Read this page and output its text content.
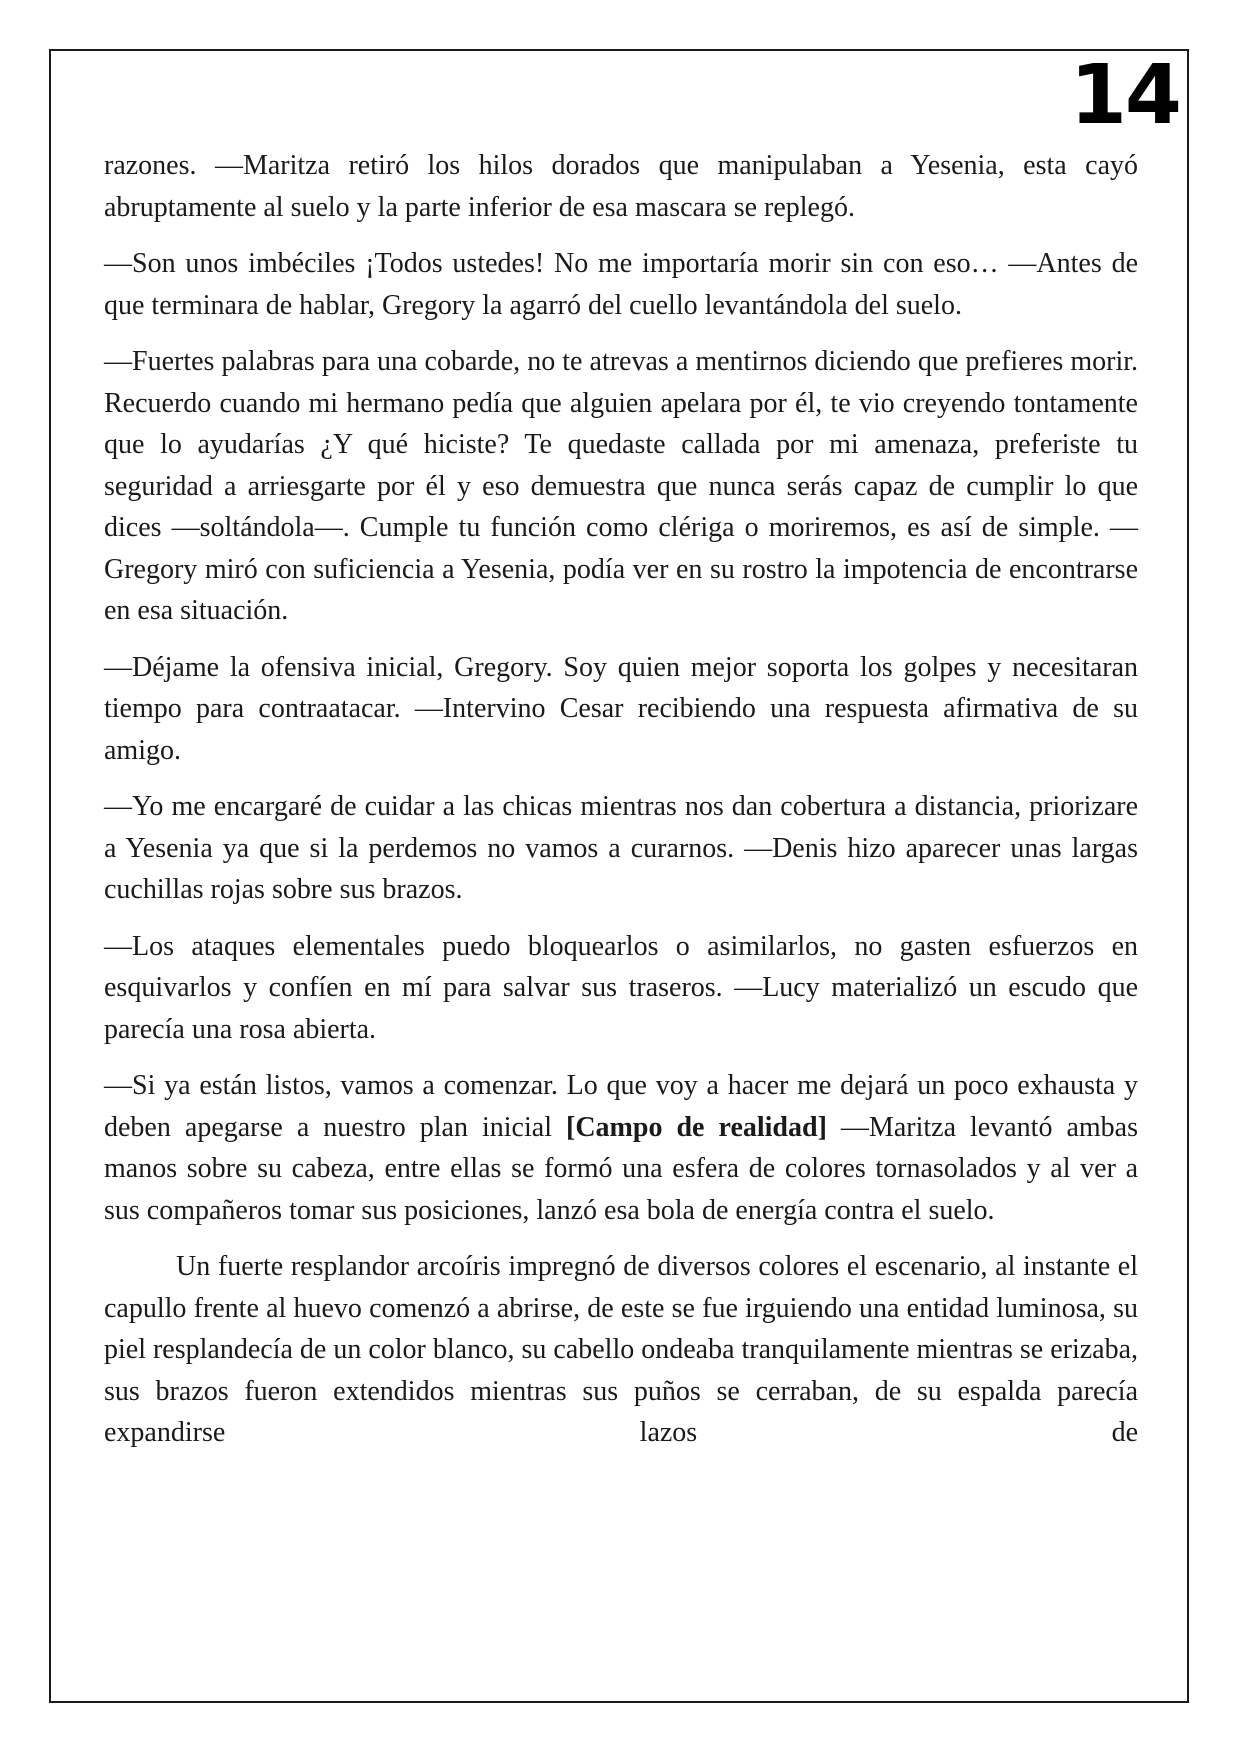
14

razones. —Maritza retiró los hilos dorados que manipulaban a Yesenia, esta cayó abruptamente al suelo y la parte inferior de esa mascara se replegó.

—Son unos imbéciles ¡Todos ustedes! No me importaría morir sin con eso… —Antes de que terminara de hablar, Gregory la agarró del cuello levantándola del suelo.

—Fuertes palabras para una cobarde, no te atrevas a mentirnos diciendo que prefieres morir. Recuerdo cuando mi hermano pedía que alguien apelara por él, te vio creyendo tontamente que lo ayudarías ¿Y qué hiciste? Te quedaste callada por mi amenaza, preferiste tu seguridad a arriesgarte por él y eso demuestra que nunca serás capaz de cumplir lo que dices —soltándola—. Cumple tu función como clériga o moriremos, es así de simple. —Gregory miró con suficiencia a Yesenia, podía ver en su rostro la impotencia de encontrarse en esa situación.

—Déjame la ofensiva inicial, Gregory. Soy quien mejor soporta los golpes y necesitaran tiempo para contraatacar. —Intervino Cesar recibiendo una respuesta afirmativa de su amigo.

—Yo me encargaré de cuidar a las chicas mientras nos dan cobertura a distancia, priorizare a Yesenia ya que si la perdemos no vamos a curarnos. —Denis hizo aparecer unas largas cuchillas rojas sobre sus brazos.

—Los ataques elementales puedo bloquearlos o asimilarlos, no gasten esfuerzos en esquivarlos y confíen en mí para salvar sus traseros. —Lucy materializó un escudo que parecía una rosa abierta.

—Si ya están listos, vamos a comenzar. Lo que voy a hacer me dejará un poco exhausta y deben apegarse a nuestro plan inicial [Campo de realidad] —Maritza levantó ambas manos sobre su cabeza, entre ellas se formó una esfera de colores tornasolados y al ver a sus compañeros tomar sus posiciones, lanzó esa bola de energía contra el suelo.

Un fuerte resplandor arcoíris impregnó de diversos colores el escenario, al instante el capullo frente al huevo comenzó a abrirse, de este se fue irguiendo una entidad luminosa, su piel resplandecía de un color blanco, su cabello ondeaba tranquilamente mientras se erizaba, sus brazos fueron extendidos mientras sus puños se cerraban, de su espalda parecía expandirse lazos de
